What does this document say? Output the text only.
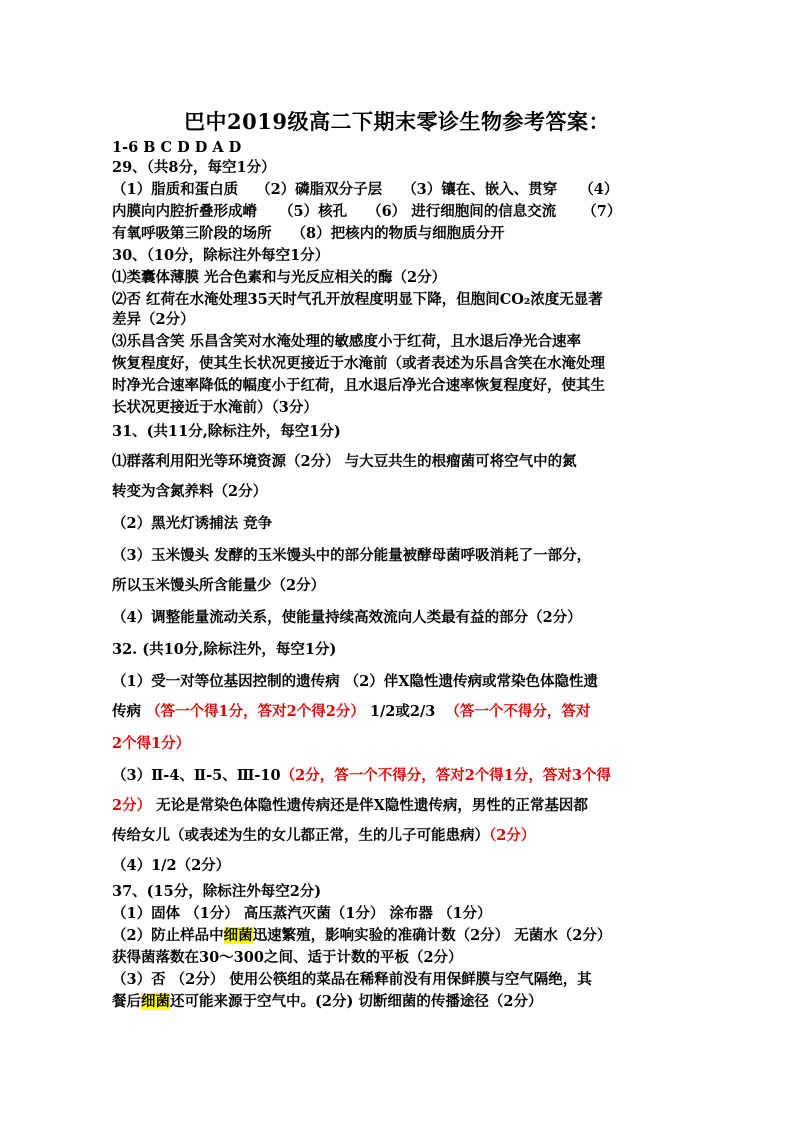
巴中2019级高二下期末零诊生物参考答案：
1-6 B C D D A D
29、（共8分，每空1分）
（1）脂质和蛋白质 （2）磷脂双分子层 （3）镶在、嵌入、贯穿 （4）
内膜向内腔折叠形成嵴 （5）核孔 （6） 进行细胞间的信息交流 （7）
有氧呼吸第三阶段的场所 （8）把核内的物质与细胞质分开
30、（10分，除标注外每空1分）
⑴类囊体薄膜 光合色素和与光反应相关的酶（2分）
⑵否 红荷在水淹处理35天时气孔开放程度明显下降，但胞间CO₂浓度无显著
差异（2分）
⑶乐昌含笑 乐昌含笑对水淹处理的敏感度小于红荷，且水退后净光合速率
恢复程度好，使其生长状况更接近于水淹前（或者表述为乐昌含笑在水淹处理
时净光合速率降低的幅度小于红荷，且水退后净光合速率恢复程度好，使其生
长状况更接近于水淹前）（3分）
31、(共11分,除标注外，每空1分)
⑴群落利用阳光等环境资源（2分） 与大豆共生的根瘤菌可将空气中的氮
转变为含氮养料（2分）
（2）黑光灯诱捕法 竞争
（3）玉米馒头 发酵的玉米馒头中的部分能量被酵母菌呼吸消耗了一部分，
所以玉米馒头所含能量少（2分）
（4）调整能量流动关系，使能量持续高效流向人类最有益的部分（2分）
32. (共10分,除标注外，每空1分)
（1）受一对等位基因控制的遗传病 （2）伴X隐性遗传病或常染色体隐性遗
传病 （答一个得1分，答对2个得2分） 1/2或2/3 （答一个不得分，答对
2个得1分）
（3）Ⅱ-4、Ⅱ-5、Ⅲ-10（2分，答一个不得分，答对2个得1分，答对3个得
2分） 无论是常染色体隐性遗传病还是伴X隐性遗传病，男性的正常基因都
传给女儿（或表述为生的女儿都正常，生的儿子可能患病）（2分）
（4）1/2（2分）
37、(15分，除标注外每空2分)
（1）固体 （1分） 高压蒸汽灭菌（1分） 涂布器 （1分）
（2）防止样品中细菌迅速繁殖，影响实验的准确计数（2分） 无菌水（2分）
获得菌落数在30～300之间、适于计数的平板（2分）
（3）否 （2分） 使用公筷组的菜品在稀释前没有用保鲜膜与空气隔绝，其
餐后细菌还可能来源于空气中。(2分) 切断细菌的传播途径（2分）
